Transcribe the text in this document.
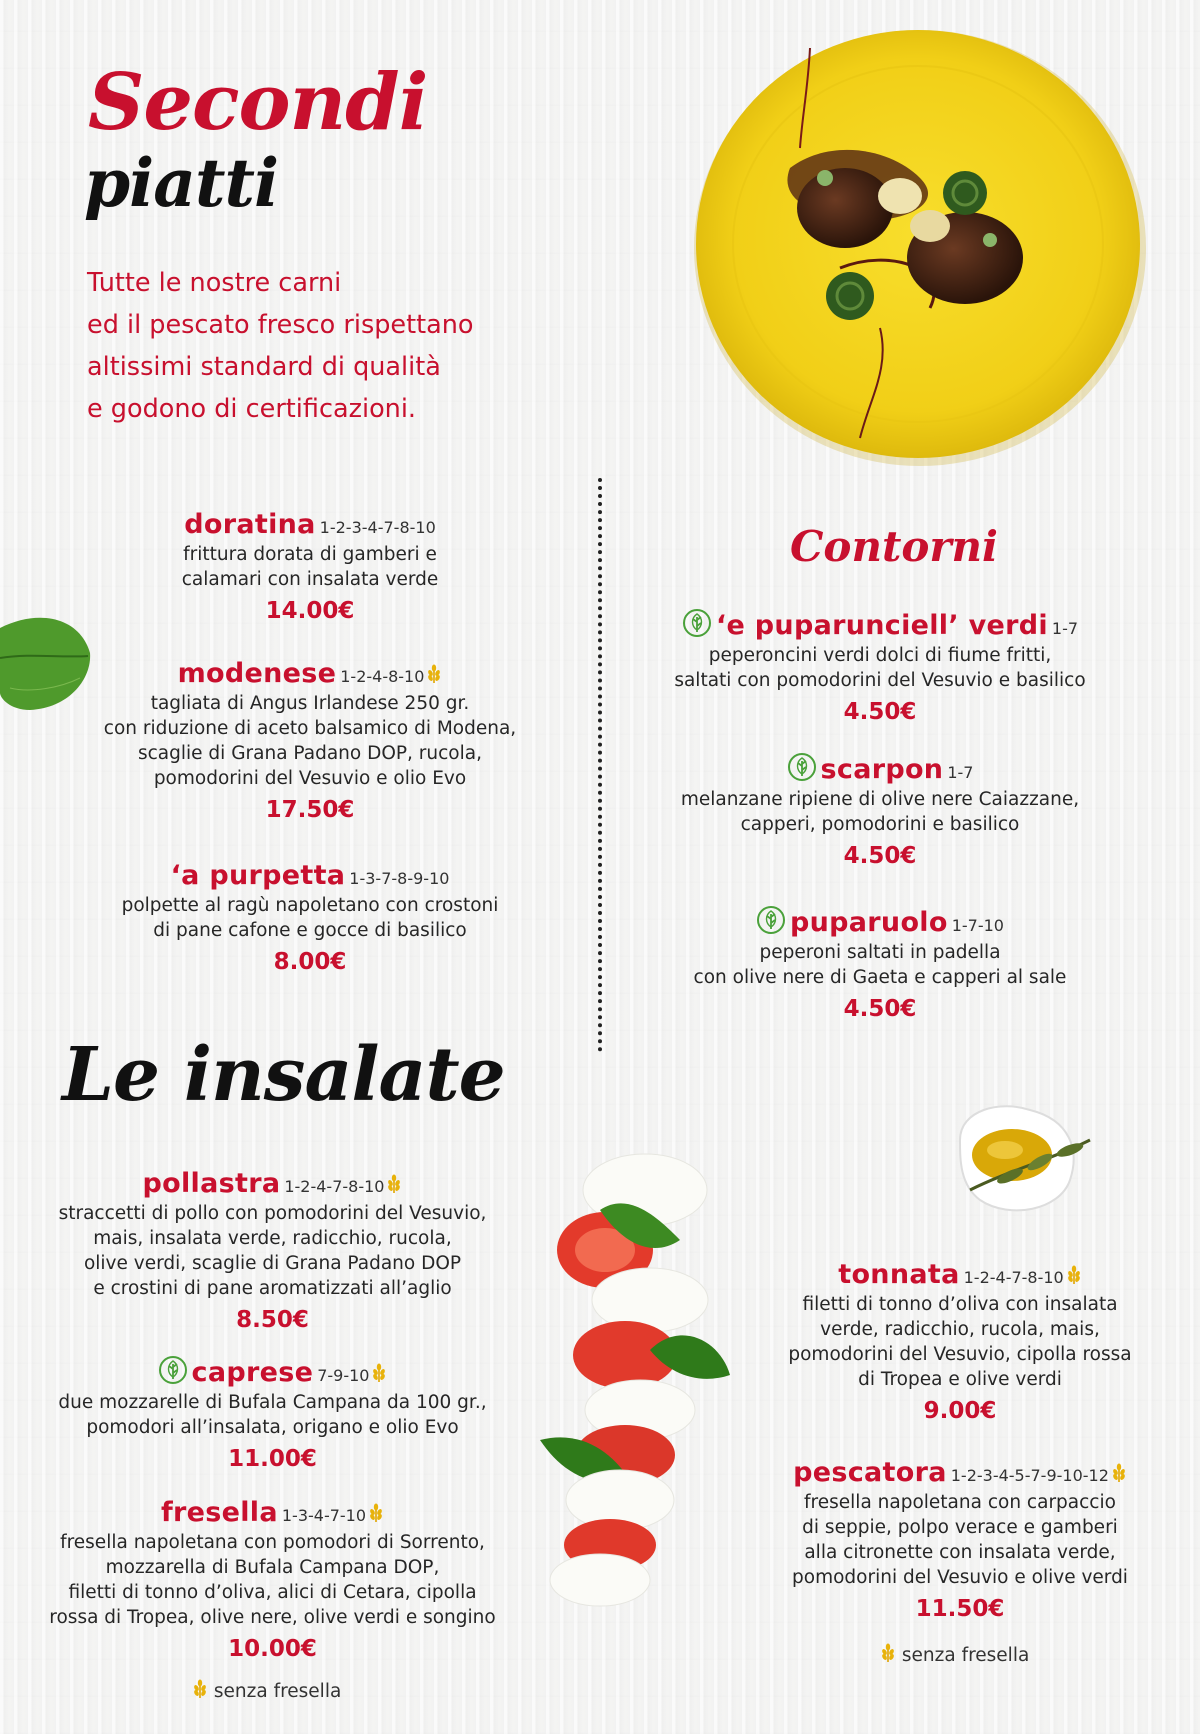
Secondi
piatti
Tutte le nostre carni
ed il pescato fresco rispettano
altissimi standard di qualità
e godono di certificazioni.
Contorni
Le insalate
doratina 1-2-3-4-7-8-10
frittura dorata di gamberi e
calamari con insalata verde
14.00€
modenese 1-2-4-8-10
tagliata di Angus Irlandese 250 gr.
con riduzione di aceto balsamico di Modena,
scaglie di Grana Padano DOP, rucola,
pomodorini del Vesuvio e olio Evo
17.50€
‘a purpetta 1-3-7-8-9-10
polpette al ragù napoletano con crostoni
di pane cafone e gocce di basilico
8.00€
‘e puparunciell’ verdi 1-7
peperoncini verdi dolci di fiume fritti,
saltati con pomodorini del Vesuvio e basilico
4.50€
scarpon 1-7
melanzane ripiene di olive nere Caiazzane,
capperi, pomodorini e basilico
4.50€
puparuolo 1-7-10
peperoni saltati in padella
con olive nere di Gaeta e capperi al sale
4.50€
pollastra 1-2-4-7-8-10
straccetti di pollo con pomodorini del Vesuvio,
mais, insalata verde, radicchio, rucola,
olive verdi, scaglie di Grana Padano DOP
e crostini di pane aromatizzati all’aglio
8.50€
caprese 7-9-10
due mozzarelle di Bufala Campana da 100 gr.,
pomodori all’insalata, origano e olio Evo
11.00€
fresella 1-3-4-7-10
fresella napoletana con pomodori di Sorrento,
mozzarella di Bufala Campana DOP,
filetti di tonno d’oliva, alici di Cetara, cipolla
rossa di Tropea, olive nere, olive verdi e songino
10.00€
senza fresella
tonnata 1-2-4-7-8-10
filetti di tonno d’oliva con insalata
verde, radicchio, rucola, mais,
pomodorini del Vesuvio, cipolla rossa
di Tropea e olive verdi
9.00€
pescatora 1-2-3-4-5-7-9-10-12
fresella napoletana con carpaccio
di seppie, polpo verace e gamberi
alla citronette con insalata verde,
pomodorini del Vesuvio e olive verdi
11.50€
senza fresella
